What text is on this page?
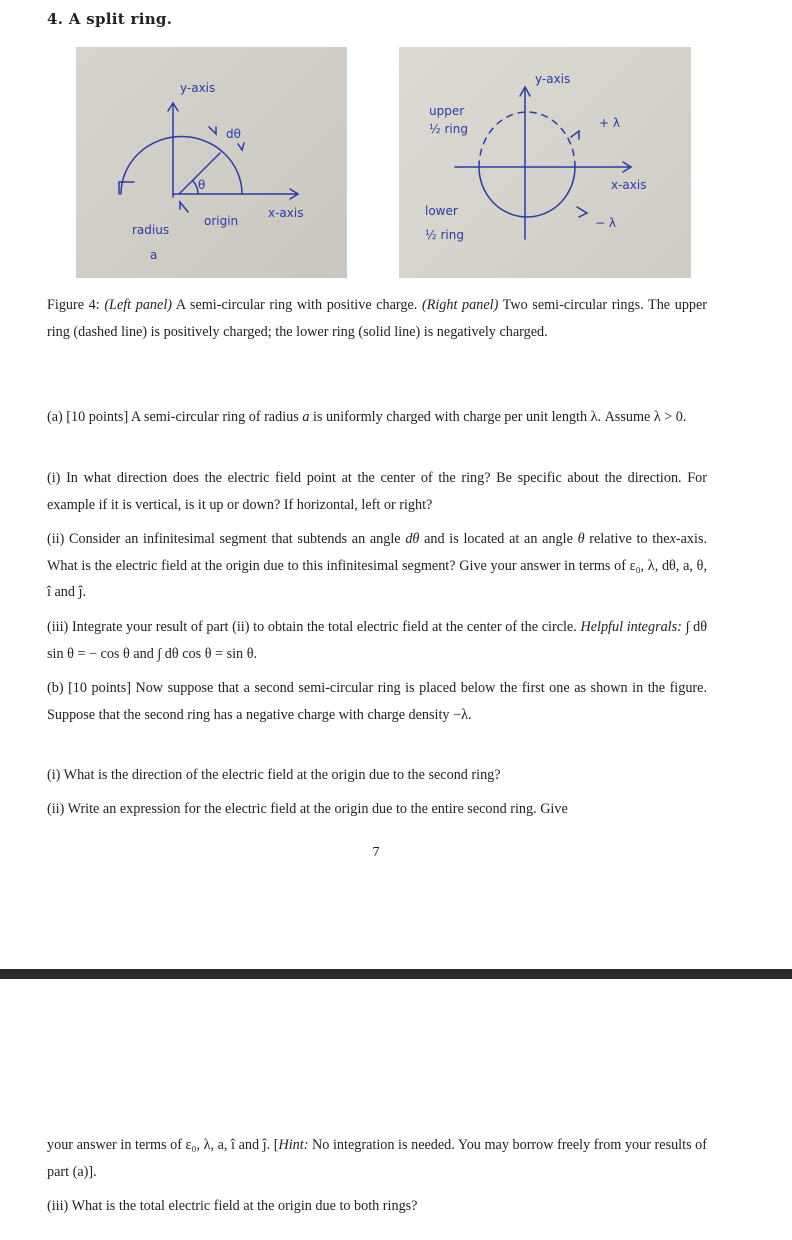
4. A split ring.
y-axis
dθ
θ
x-axis
origin
radius
a
y-axis
upper
½ ring	+ λ
x-axis
lower
½ ring
− λ
Figure 4: (Left panel) A semi-circular ring with positive charge. (Right panel) Two semi-circular rings. The upper ring (dashed line) is positively charged; the lower ring (solid line) is negatively charged.
(a) [10 points] A semi-circular ring of radius a is uniformly charged with charge per unit length λ. Assume λ > 0.
(i) In what direction does the electric field point at the center of the ring? Be specific about the direction. For example if it is vertical, is it up or down? If horizontal, left or right?
(ii) Consider an infinitesimal segment that subtends an angle dθ and is located at an angle θ relative to thex-axis. What is the electric field at the origin due to this infinitesimal segment? Give your answer in terms of ε₀, λ, dθ, a, θ, î and ĵ.
(iii) Integrate your result of part (ii) to obtain the total electric field at the center of the circle. Helpful integrals: ∫ dθ sin θ = − cos θ and ∫ dθ cos θ = sin θ.
(b) [10 points] Now suppose that a second semi-circular ring is placed below the first one as shown in the figure. Suppose that the second ring has a negative charge with charge density −λ.
(i) What is the direction of the electric field at the origin due to the second ring?
(ii) Write an expression for the electric field at the origin due to the entire second ring. Give
7
your answer in terms of ε₀, λ, a, î and ĵ. [Hint: No integration is needed. You may borrow freely from your results of part (a)].
(iii) What is the total electric field at the origin due to both rings?
